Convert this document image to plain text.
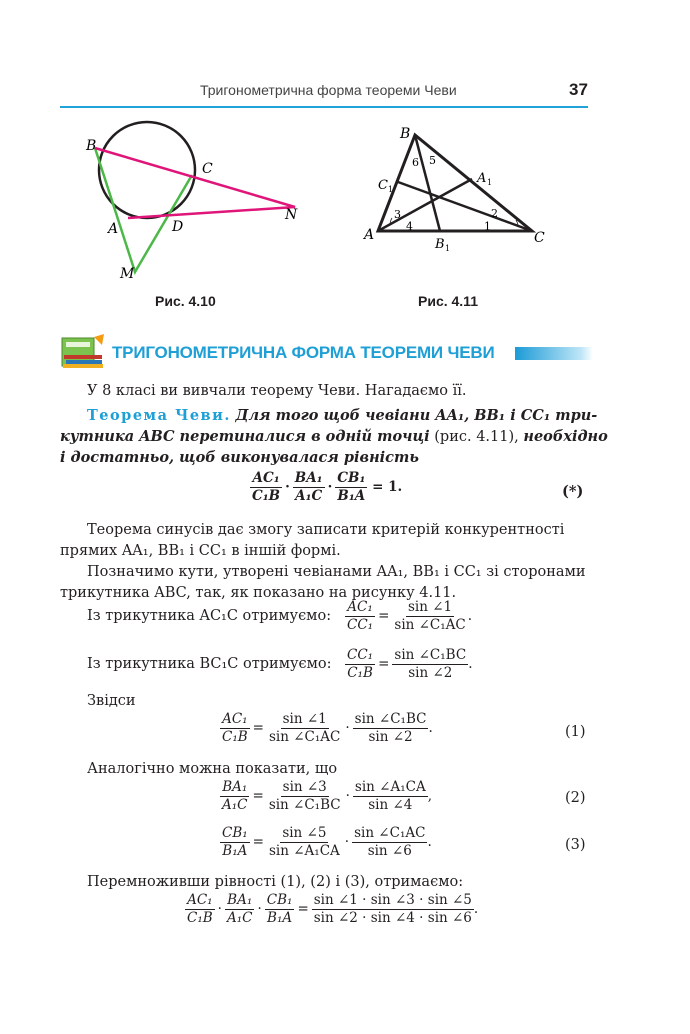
Тригонометрична форма теореми Чеви	37
B
C
A	D
N
M
Рис. 4.10
B
C 1
A 1
A
B 1
C
6 5
3
4
2
1
Рис. 4.11
ТРИГОНОМЕТРИЧНА ФОРМА ТЕОРЕМИ ЧЕВИ
У 8 класі ви вивчали теорему Чеви. Нагадаємо її.
Теорема Чеви. Для того щоб чевіани AA₁, BB₁ і CC₁ три-
кутника ABC перетиналися в одній точці (рис. 4.11), необхідно
і достатньо, щоб виконувалася рівність
$\frac{\text{AC₁}}{\text{C₁B}} \cdot \frac{\text{BA₁}}{\text{A₁C}} \cdot \frac{\text{CB₁}}{\text{B₁A}} = 1$.	(*)
Теорема синусів дає змогу записати критерій конкурентності
прямих AA₁, BB₁ і CC₁ в іншій формі.
Позначимо кути, утворені чевіанами AA₁, BB₁ і CC₁ зі сторонами
трикутника ABC, так, як показано на рисунку 4.11.
Із трикутника AC₁C отримуємо: $\frac{\text{AC₁}}{\text{CC₁}} = \frac{\sin \angle 1}{\text{sin ∠C₁AC}}$ .
Із трикутника BC₁C отримуємо: $\frac{\text{CC₁}}{\text{C₁B}} = \frac{\text{sin ∠C₁BC}}{\sin \angle 2}$ .
Звідси
$\frac{\text{AC₁}}{\text{C₁B}} = \frac{\sin \angle 1}{\text{sin ∠C₁AC}} \cdot \frac{\text{sin ∠C₁BC}}{\sin \angle 2}$ .	(1)
Аналогічно можна показати, що
$\frac{\text{BA₁}}{\text{A₁C}} = \frac{\sin \angle 3}{\text{sin ∠C₁BC}} \cdot \frac{\text{sin ∠A₁CA}}{\sin \angle 4}$ ,	(2)
$\frac{\text{CB₁}}{\text{B₁A}} = \frac{\sin \angle 5}{\text{sin ∠A₁CA}} \cdot \frac{\text{sin ∠C₁AC}}{\sin \angle 6}$ .	(3)
Перемноживши рівності (1), (2) і (3), отримаємо:
$\frac{\text{AC₁}}{\text{C₁B}} \cdot \frac{\text{BA₁}}{\text{A₁C}} \cdot \frac{\text{CB₁}}{\text{B₁A}} = \frac{\sin \angle 1 \cdot \sin \angle 3 \cdot \sin \angle 5}{\sin \angle 2 \cdot \sin \angle 4 \cdot \sin \angle 6}$ .
